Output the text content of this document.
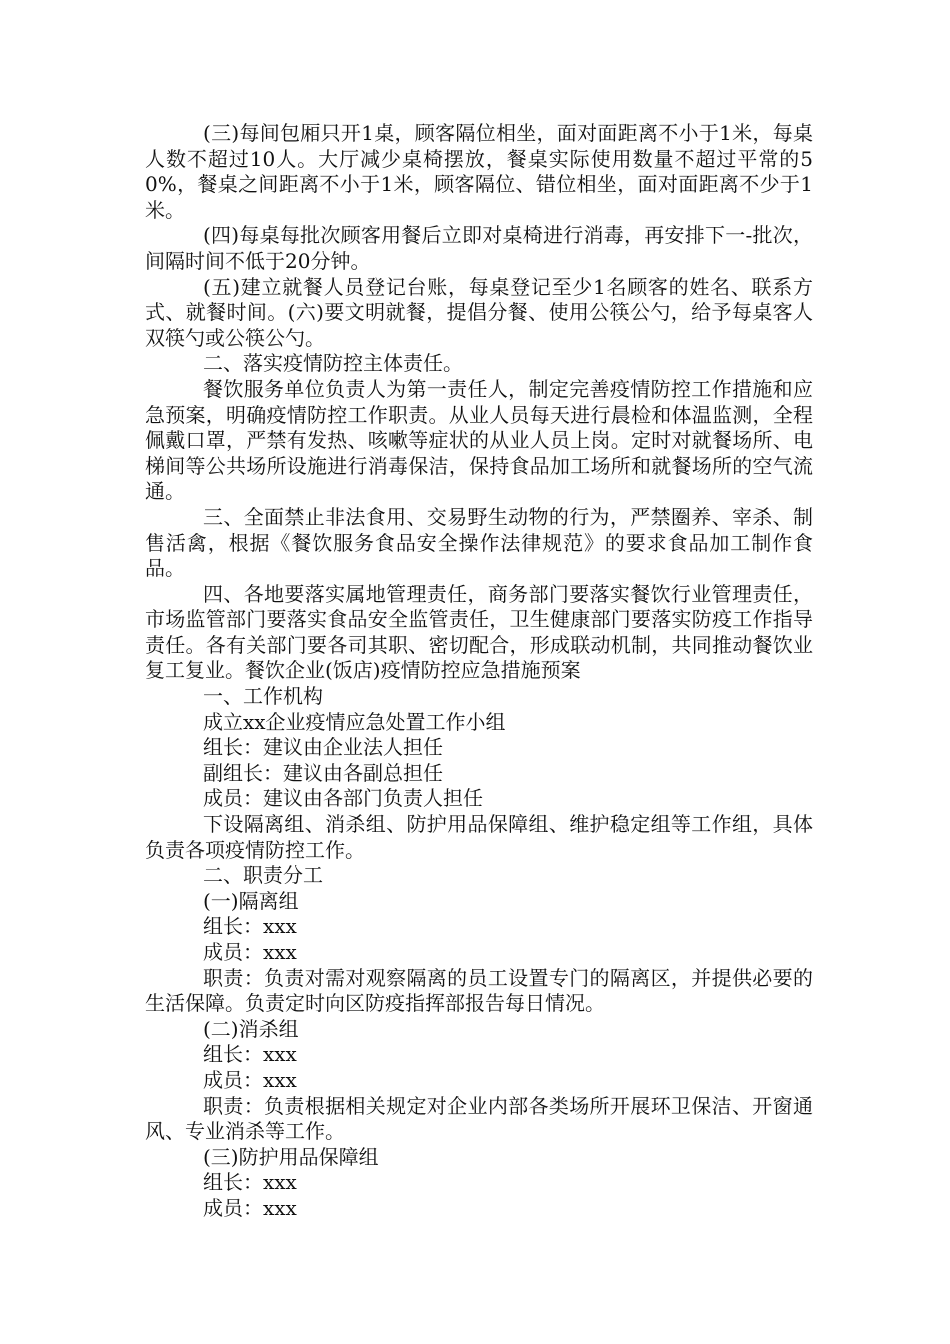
(三)每间包厢只开1桌，顾客隔位相坐，面对面距离不小于1米，每桌人数不超过10人。大厅减少桌椅摆放，餐桌实际使用数量不超过平常的50%，餐桌之间距离不小于1米，顾客隔位、错位相坐，面对面距离不少于1米。

(四)每桌每批次顾客用餐后立即对桌椅进行消毒，再安排下一-批次，间隔时间不低于20分钟。

(五)建立就餐人员登记台账，每桌登记至少1名顾客的姓名、联系方式、就餐时间。(六)要文明就餐，提倡分餐、使用公筷公勺，给予每桌客人双筷勺或公筷公勺。

二、落实疫情防控主体责任。

餐饮服务单位负责人为第一责任人，制定完善疫情防控工作措施和应急预案，明确疫情防控工作职责。从业人员每天进行晨检和体温监测，全程佩戴口罩，严禁有发热、咳嗽等症状的从业人员上岗。定时对就餐场所、电梯间等公共场所设施进行消毒保洁，保持食品加工场所和就餐场所的空气流通。

三、全面禁止非法食用、交易野生动物的行为，严禁圈养、宰杀、制售活禽，根据《餐饮服务食品安全操作法律规范》的要求食品加工制作食品。

四、各地要落实属地管理责任，商务部门要落实餐饮行业管理责任，市场监管部门要落实食品安全监管责任，卫生健康部门要落实防疫工作指导责任。各有关部门要各司其职、密切配合，形成联动机制，共同推动餐饮业复工复业。餐饮企业(饭店)疫情防控应急措施预案

一、工作机构

成立xx企业疫情应急处置工作小组

组长：建议由企业法人担任

副组长：建议由各副总担任

成员：建议由各部门负责人担任

下设隔离组、消杀组、防护用品保障组、维护稳定组等工作组，具体负责各项疫情防控工作。

二、职责分工

(一)隔离组

组长：xxx

成员：xxx

职责：负责对需对观察隔离的员工设置专门的隔离区，并提供必要的生活保障。负责定时向区防疫指挥部报告每日情况。

(二)消杀组

组长：xxx

成员：xxx

职责：负责根据相关规定对企业内部各类场所开展环卫保洁、开窗通风、专业消杀等工作。

(三)防护用品保障组

组长：xxx

成员：xxx
